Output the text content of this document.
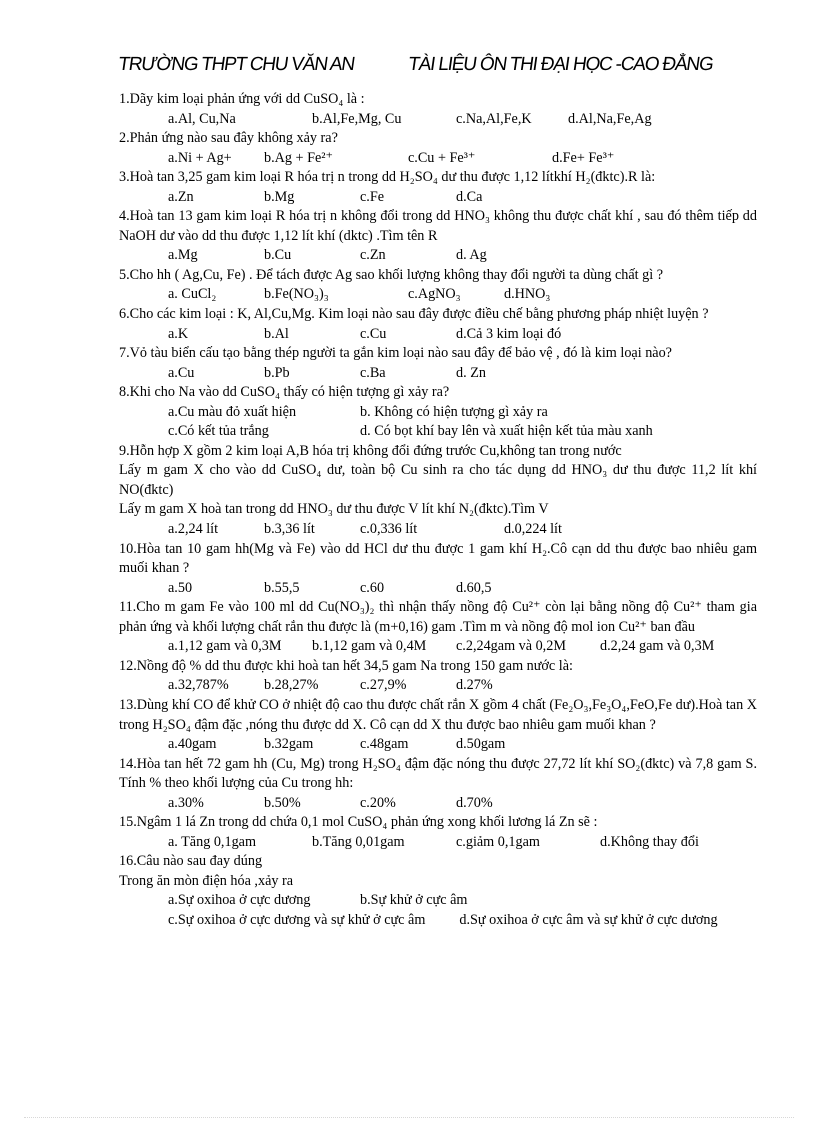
TRƯỜNG THPT CHU VĂN AN	TÀI LIỆU ÔN THI ĐẠI HỌC -CAO ĐẲNG
1.Dãy kim loại phản ứng với dd CuSO₄ là :
a.Al, Cu,Na	b.Al,Fe,Mg, Cu	c.Na,Al,Fe,K	d.Al,Na,Fe,Ag
2.Phản ứng nào sau đây không xảy ra?
a.Ni + Ag+ b.Ag + Fe²⁺	c.Cu + Fe³⁺	d.Fe+ Fe³⁺
3.Hoà tan 3,25 gam kim loại R hóa trị n trong dd H₂SO₄ dư thu được 1,12 lítkhí H₂(đktc).R là:
a.Zn	b.Mg	c.Fe	d.Ca
4.Hoà tan 13 gam kim loại R hóa trị n không đổi trong dd HNO₃ không thu được chất khí , sau đó thêm tiếp dd NaOH dư vào dd thu được 1,12 lít khí (dktc) .Tìm tên R
a.Mg	b.Cu	c.Zn	d. Ag
5.Cho hh ( Ag,Cu, Fe) . Để tách được Ag sao khối lượng không thay đổi người ta dùng chất gì ?
a. CuCl₂	b.Fe(NO₃)₃	c.AgNO₃	d.HNO₃
6.Cho các kim loại : K, Al,Cu,Mg. Kim loại nào sau đây được điều chế bằng phương pháp nhiệt luyện ?
a.K	b.Al	c.Cu	d.Cả 3 kim loại đó
7.Vỏ tàu biển cấu tạo bằng thép người ta gắn kim loại nào sau đây để bảo vệ , đó là kim loại nào?
a.Cu	b.Pb	c.Ba	d. Zn
8.Khi cho Na vào dd CuSO₄ thấy có hiện tượng gì xảy ra?
a.Cu màu đỏ xuất hiện	b. Không có hiện tượng gì xảy ra
c.Có kết tủa trắng	d. Có bọt khí bay lên và xuất hiện kết tủa màu xanh
9.Hỗn hợp X gồm 2 kim loại A,B hóa trị không đổi đứng trước Cu,không tan trong nước
Lấy m gam X cho vào dd CuSO₄ dư, toàn bộ Cu sinh ra cho tác dụng dd HNO₃ dư thu được 11,2 lít khí NO(đktc)
Lấy m gam X hoà tan trong dd HNO₃ dư thu được V lít khí N₂(đktc).Tìm V
a.2,24 lít	b.3,36 lít	c.0,336 lít	d.0,224 lít
10.Hòa tan 10 gam hh(Mg và Fe) vào dd HCl dư thu được 1 gam khí H₂.Cô cạn dd thu được bao nhiêu gam muối khan ?
a.50	b.55,5	c.60	d.60,5
11.Cho m gam Fe vào 100 ml dd Cu(NO₃)₂ thì nhận thấy nồng độ Cu²⁺ còn lại bằng nồng độ Cu²⁺ tham gia phản ứng và khối lượng chất rắn thu được là (m+0,16) gam .Tìm m và nồng độ mol ion Cu²⁺ ban đầu
a.1,12 gam và 0,3M b.1,12 gam và 0,4M c.2,24gam và 0,2M d.2,24 gam và 0,3M
12.Nồng độ % dd thu được khi hoà tan hết 34,5 gam Na trong 150 gam nước là:
a.32,787% b.28,27%	c.27,9%	d.27%
13.Dùng khí CO để khử CO ở nhiệt độ cao thu được chất rắn X gồm 4 chất (Fe₂O₃,Fe₃O₄,FeO,Fe dư).Hoà tan X trong H₂SO₄ đậm đặc ,nóng thu được dd X. Cô cạn dd X thu được bao nhiêu gam muối khan ?
a.40gam	b.32gam	c.48gam	d.50gam
14.Hòa tan hết 72 gam hh (Cu, Mg) trong H₂SO₄ đậm đặc nóng thu được 27,72 lít khí SO₂(đktc) và 7,8 gam S. Tính % theo khối lượng của Cu trong hh:
a.30%	b.50%	c.20%	d.70%
15.Ngâm 1 lá Zn trong dd chứa 0,1 mol CuSO₄ phản ứng xong khối lương lá Zn sẽ :
a. Tăng 0,1gam	b.Tăng 0,01gam	c.giảm 0,1gam	d.Không thay đổi
16.Câu nào sau đay dúng
Trong ăn mòn điện hóa ,xảy ra
a.Sự oxihoa ở cực dương	b.Sự khử ở cực âm
c.Sự oxihoa ở cực dương và sự khử ở cực âm d.Sự oxihoa ở cực âm và sự khử ở cực dương
